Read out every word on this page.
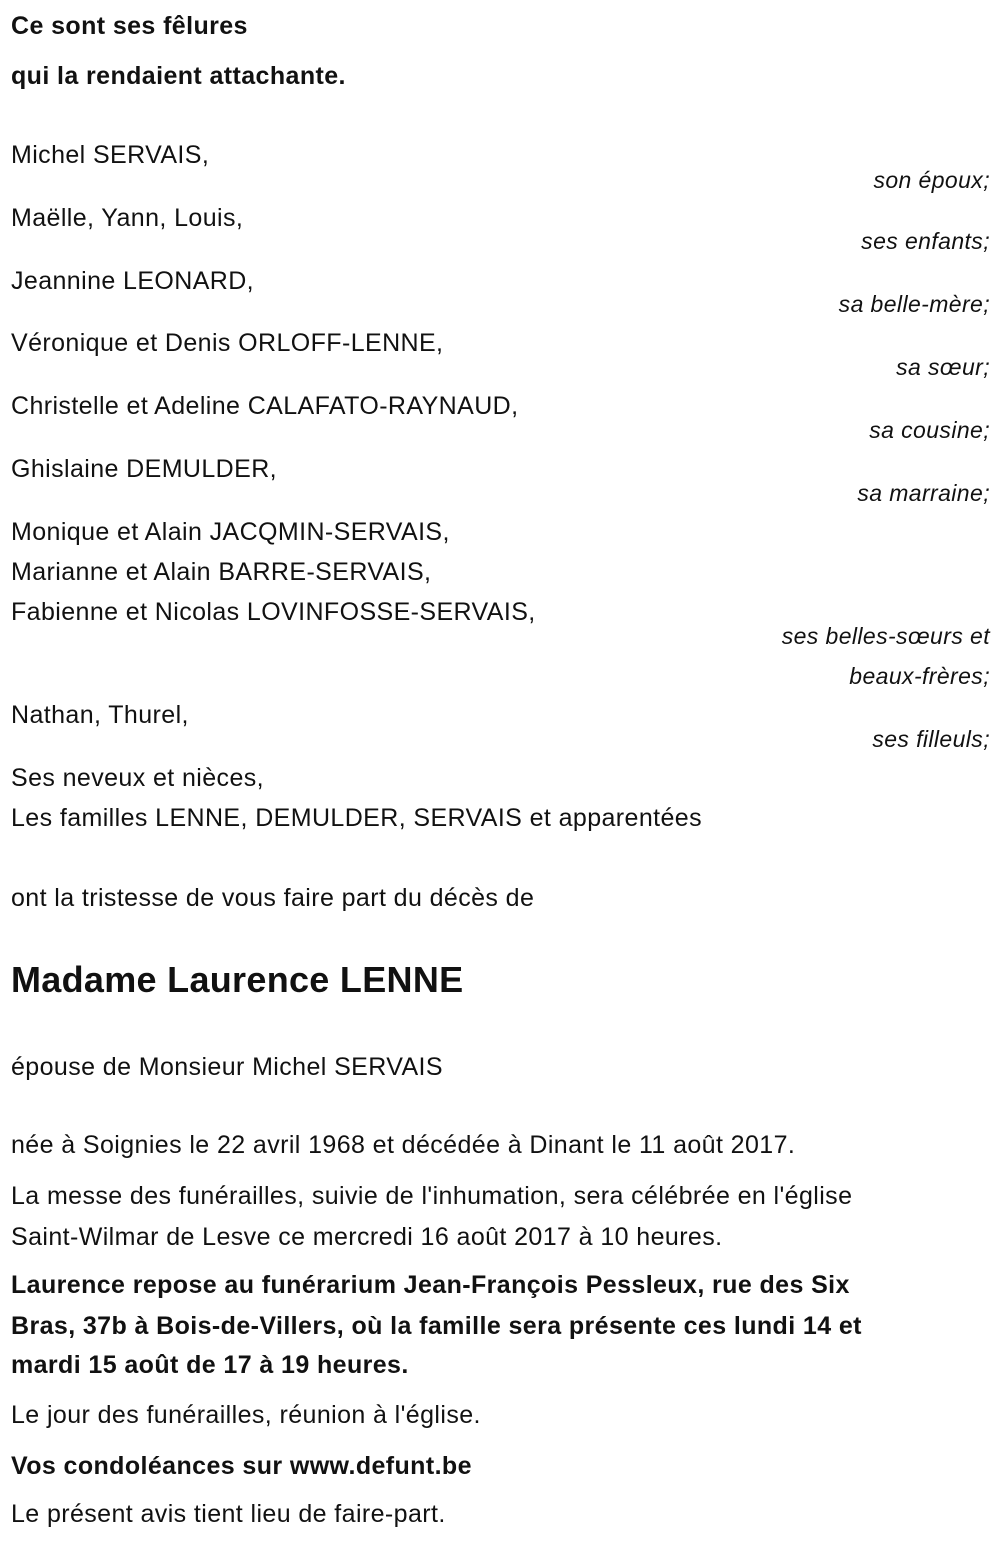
Ce sont ses fêlures
qui la rendaient attachante.
Michel SERVAIS,
son époux;
Maëlle, Yann, Louis,
ses enfants;
Jeannine LEONARD,
sa belle-mère;
Véronique et Denis ORLOFF-LENNE,
sa sœur;
Christelle et Adeline CALAFATO-RAYNAUD,
sa cousine;
Ghislaine DEMULDER,
sa marraine;
Monique et Alain JACQMIN-SERVAIS,
Marianne et Alain BARRE-SERVAIS,
Fabienne et Nicolas LOVINFOSSE-SERVAIS,
ses belles-sœurs et
beaux-frères;
Nathan, Thurel,
ses filleuls;
Ses neveux et nièces,
Les familles LENNE, DEMULDER, SERVAIS et apparentées
ont la tristesse de vous faire part du décès de
Madame Laurence LENNE
épouse de Monsieur Michel SERVAIS
née à Soignies le 22 avril 1968 et décédée à Dinant le 11 août 2017.
La messe des funérailles, suivie de l'inhumation, sera célébrée en l'église
Saint-Wilmar de Lesve ce mercredi 16 août 2017 à 10 heures.
Laurence repose au funérarium Jean-François Pessleux, rue des Six
Bras, 37b à Bois-de-Villers, où la famille sera présente ces lundi 14 et
mardi 15 août de 17 à 19 heures.
Le jour des funérailles, réunion à l'église.
Vos condoléances sur www.defunt.be
Le présent avis tient lieu de faire-part.
